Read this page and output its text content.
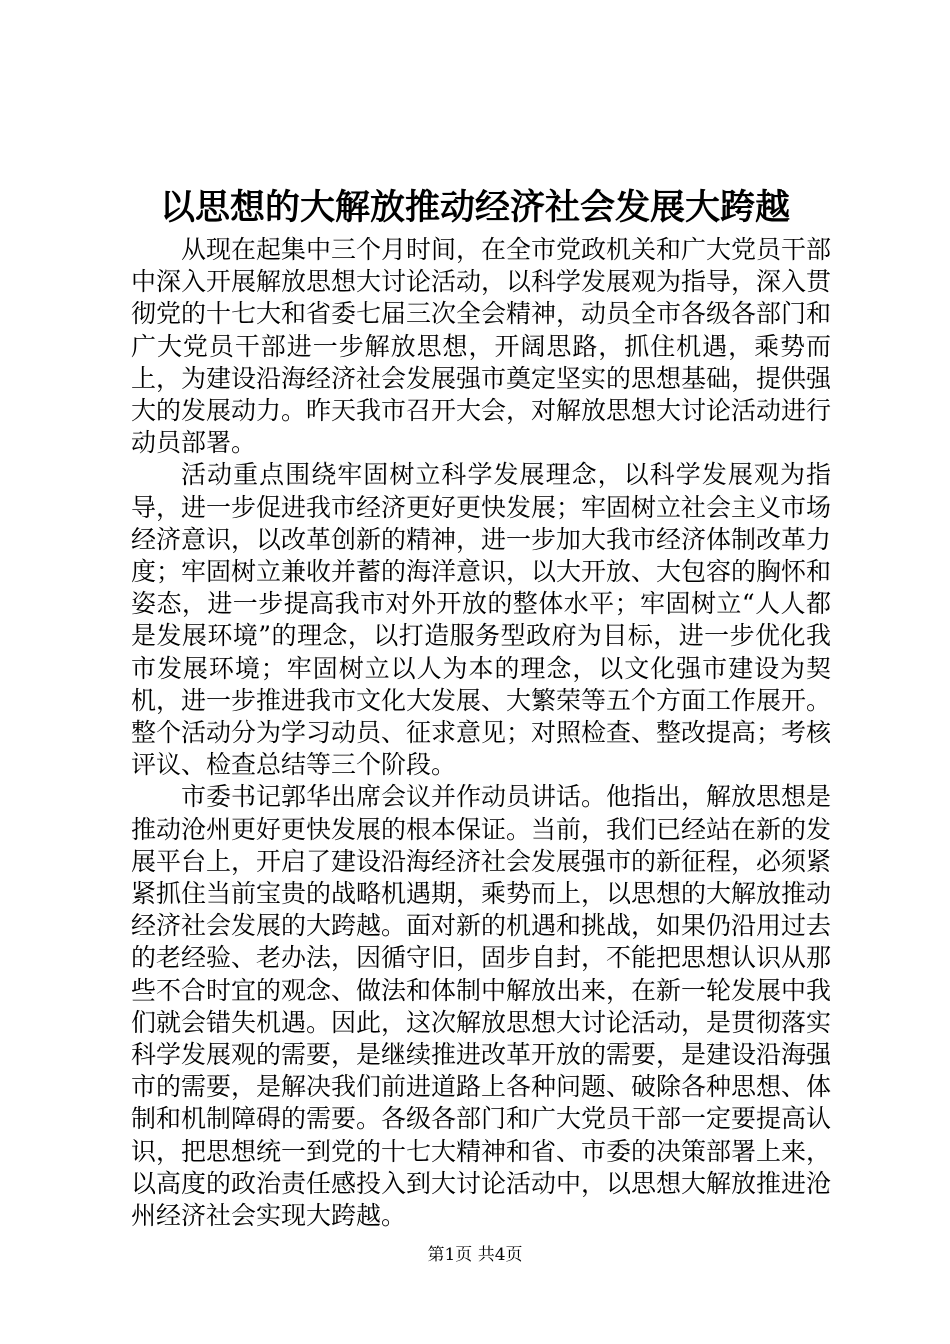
以思想的大解放推动经济社会发展大跨越

从现在起集中三个月时间，在全市党政机关和广大党员干部中深入开展解放思想大讨论活动，以科学发展观为指导，深入贯彻党的十七大和省委七届三次全会精神，动员全市各级各部门和广大党员干部进一步解放思想，开阔思路，抓住机遇，乘势而上，为建设沿海经济社会发展强市奠定坚实的思想基础，提供强大的发展动力。昨天我市召开大会，对解放思想大讨论活动进行动员部署。

活动重点围绕牢固树立科学发展理念，以科学发展观为指导，进一步促进我市经济更好更快发展；牢固树立社会主义市场经济意识，以改革创新的精神，进一步加大我市经济体制改革力度；牢固树立兼收并蓄的海洋意识，以大开放、大包容的胸怀和姿态，进一步提高我市对外开放的整体水平；牢固树立“人人都是发展环境”的理念，以打造服务型政府为目标，进一步优化我市发展环境；牢固树立以人为本的理念，以文化强市建设为契机，进一步推进我市文化大发展、大繁荣等五个方面工作展开。整个活动分为学习动员、征求意见；对照检查、整改提高；考核评议、检查总结等三个阶段。

市委书记郭华出席会议并作动员讲话。他指出，解放思想是推动沧州更好更快发展的根本保证。当前，我们已经站在新的发展平台上，开启了建设沿海经济社会发展强市的新征程，必须紧紧抓住当前宝贵的战略机遇期，乘势而上，以思想的大解放推动经济社会发展的大跨越。面对新的机遇和挑战，如果仍沿用过去的老经验、老办法，因循守旧，固步自封，不能把思想认识从那些不合时宜的观念、做法和体制中解放出来，在新一轮发展中我们就会错失机遇。因此，这次解放思想大讨论活动，是贯彻落实科学发展观的需要，是继续推进改革开放的需要，是建设沿海强市的需要，是解决我们前进道路上各种问题、破除各种思想、体制和机制障碍的需要。各级各部门和广大党员干部一定要提高认识，把思想统一到党的十七大精神和省、市委的决策部署上来，以高度的政治责任感投入到大讨论活动中，以思想大解放推进沧州经济社会实现大跨越。

第1页 共4页
